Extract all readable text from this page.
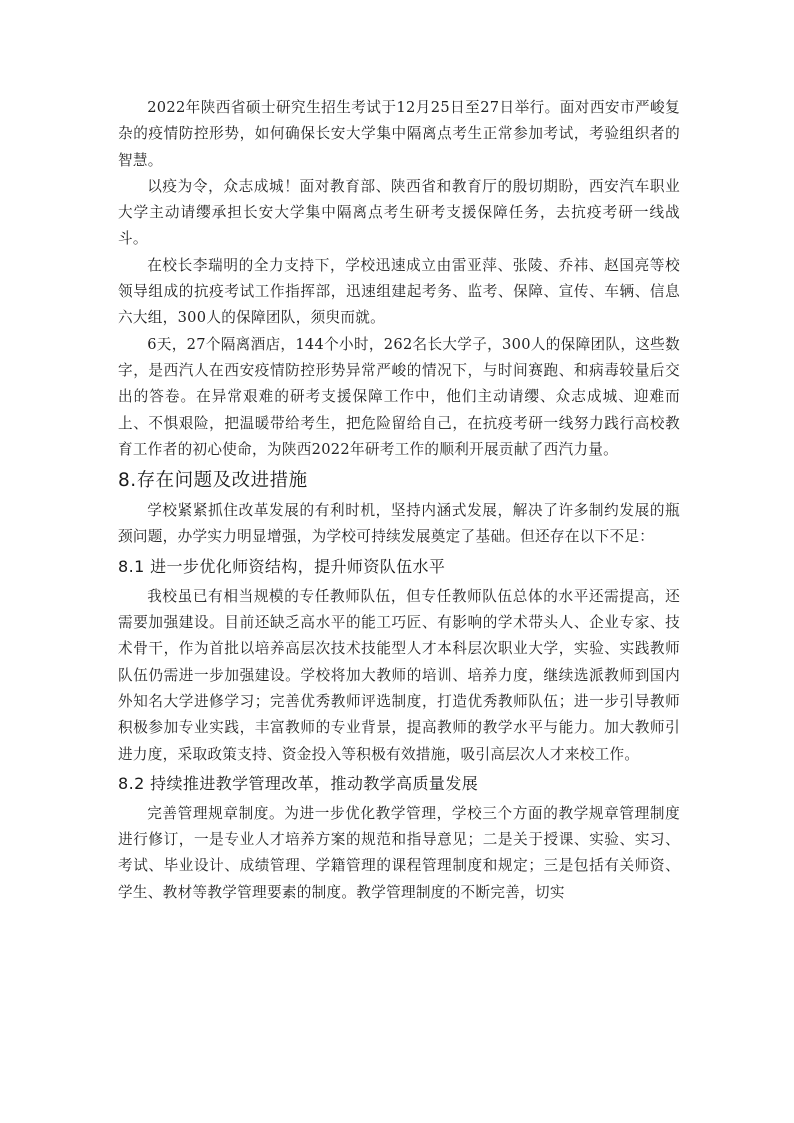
2022年陕西省硕士研究生招生考试于12月25日至27日举行。面对西安市严峻复杂的疫情防控形势，如何确保长安大学集中隔离点考生正常参加考试，考验组织者的智慧。

以疫为令，众志成城！面对教育部、陕西省和教育厅的殷切期盼，西安汽车职业大学主动请缨承担长安大学集中隔离点考生研考支援保障任务，去抗疫考研一线战斗。

在校长李瑞明的全力支持下，学校迅速成立由雷亚萍、张陵、乔祎、赵国亮等校领导组成的抗疫考试工作指挥部，迅速组建起考务、监考、保障、宣传、车辆、信息六大组，300人的保障团队，须臾而就。

6天，27个隔离酒店，144个小时，262名长大学子，300人的保障团队，这些数字，是西汽人在西安疫情防控形势异常严峻的情况下，与时间赛跑、和病毒较量后交出的答卷。在异常艰难的研考支援保障工作中，他们主动请缨、众志成城、迎难而上、不惧艰险，把温暖带给考生，把危险留给自己，在抗疫考研一线努力践行高校教育工作者的初心使命，为陕西2022年研考工作的顺利开展贡献了西汽力量。

8.存在问题及改进措施

学校紧紧抓住改革发展的有利时机，坚持内涵式发展，解决了许多制约发展的瓶颈问题，办学实力明显增强，为学校可持续发展奠定了基础。但还存在以下不足：

8.1 进一步优化师资结构，提升师资队伍水平

我校虽已有相当规模的专任教师队伍，但专任教师队伍总体的水平还需提高，还需要加强建设。目前还缺乏高水平的能工巧匠、有影响的学术带头人、企业专家、技术骨干，作为首批以培养高层次技术技能型人才本科层次职业大学，实验、实践教师队伍仍需进一步加强建设。学校将加大教师的培训、培养力度，继续选派教师到国内外知名大学进修学习；完善优秀教师评选制度，打造优秀教师队伍；进一步引导教师积极参加专业实践，丰富教师的专业背景，提高教师的教学水平与能力。加大教师引进力度，采取政策支持、资金投入等积极有效措施，吸引高层次人才来校工作。

8.2 持续推进教学管理改革，推动教学高质量发展

完善管理规章制度。为进一步优化教学管理，学校三个方面的教学规章管理制度进行修订，一是专业人才培养方案的规范和指导意见；二是关于授课、实验、实习、考试、毕业设计、成绩管理、学籍管理的课程管理制度和规定；三是包括有关师资、学生、教材等教学管理要素的制度。教学管理制度的不断完善，切实
